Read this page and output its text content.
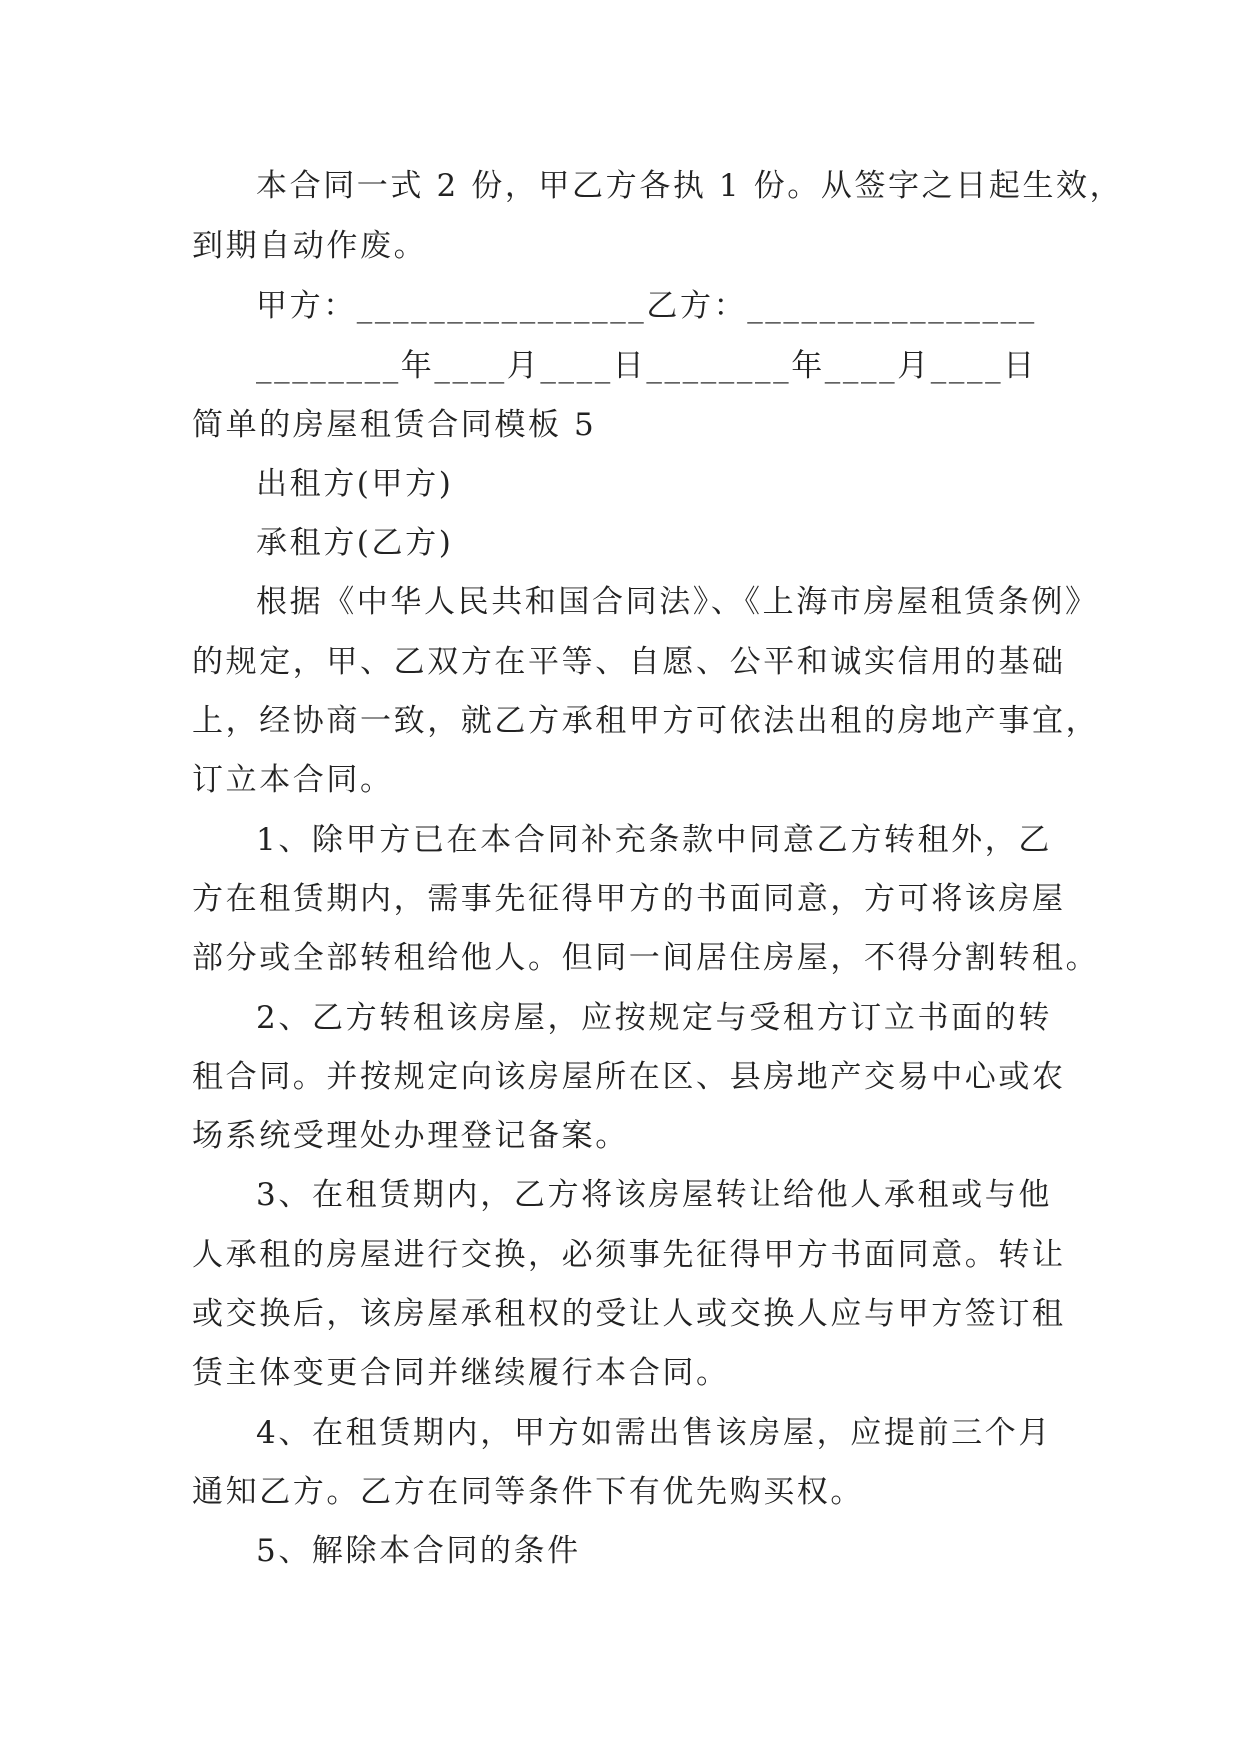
本合同一式 2 份，甲乙方各执 1 份。从签字之日起生效，
到期自动作废。
甲方：________________乙方：________________
________年____月____日________年____月____日
简单的房屋租赁合同模板 5
出租方(甲方)
承租方(乙方)
根据《中华人民共和国合同法》、《上海市房屋租赁条例》
的规定，甲、乙双方在平等、自愿、公平和诚实信用的基础
上，经协商一致，就乙方承租甲方可依法出租的房地产事宜，
订立本合同。
1、除甲方已在本合同补充条款中同意乙方转租外，乙
方在租赁期内，需事先征得甲方的书面同意，方可将该房屋
部分或全部转租给他人。但同一间居住房屋，不得分割转租。
2、乙方转租该房屋，应按规定与受租方订立书面的转
租合同。并按规定向该房屋所在区、县房地产交易中心或农
场系统受理处办理登记备案。
3、在租赁期内，乙方将该房屋转让给他人承租或与他
人承租的房屋进行交换，必须事先征得甲方书面同意。转让
或交换后，该房屋承租权的受让人或交换人应与甲方签订租
赁主体变更合同并继续履行本合同。
4、在租赁期内，甲方如需出售该房屋，应提前三个月
通知乙方。乙方在同等条件下有优先购买权。
5、解除本合同的条件
